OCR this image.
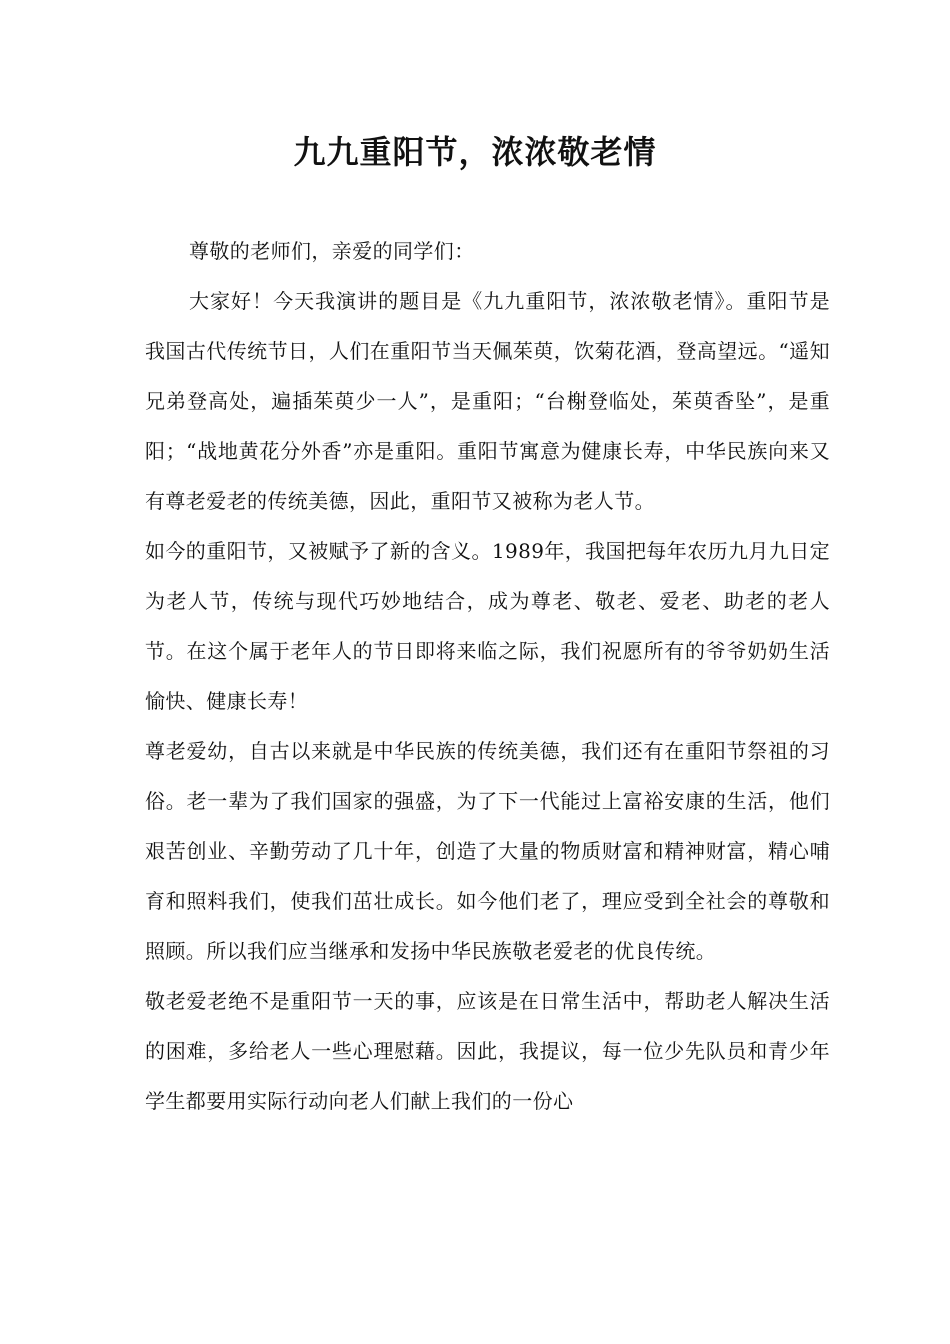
九九重阳节，浓浓敬老情

尊敬的老师们，亲爱的同学们：

大家好！今天我演讲的题目是《九九重阳节，浓浓敬老情》。重阳节是我国古代传统节日，人们在重阳节当天佩茱萸，饮菊花酒，登高望远。“遥知兄弟登高处，遍插茱萸少一人”，是重阳；“台榭登临处，茱萸香坠”，是重阳；“战地黄花分外香”亦是重阳。重阳节寓意为健康长寿，中华民族向来又有尊老爱老的传统美德，因此，重阳节又被称为老人节。

如今的重阳节，又被赋予了新的含义。1989年，我国把每年农历九月九日定为老人节，传统与现代巧妙地结合，成为尊老、敬老、爱老、助老的老人节。在这个属于老年人的节日即将来临之际，我们祝愿所有的爷爷奶奶生活愉快、健康长寿！

尊老爱幼，自古以来就是中华民族的传统美德，我们还有在重阳节祭祖的习俗。老一辈为了我们国家的强盛，为了下一代能过上富裕安康的生活，他们艰苦创业、辛勤劳动了几十年，创造了大量的物质财富和精神财富，精心哺育和照料我们，使我们茁壮成长。如今他们老了，理应受到全社会的尊敬和照顾。所以我们应当继承和发扬中华民族敬老爱老的优良传统。

敬老爱老绝不是重阳节一天的事，应该是在日常生活中，帮助老人解决生活的困难，多给老人一些心理慰藉。因此，我提议，每一位少先队员和青少年学生都要用实际行动向老人们献上我们的一份心
